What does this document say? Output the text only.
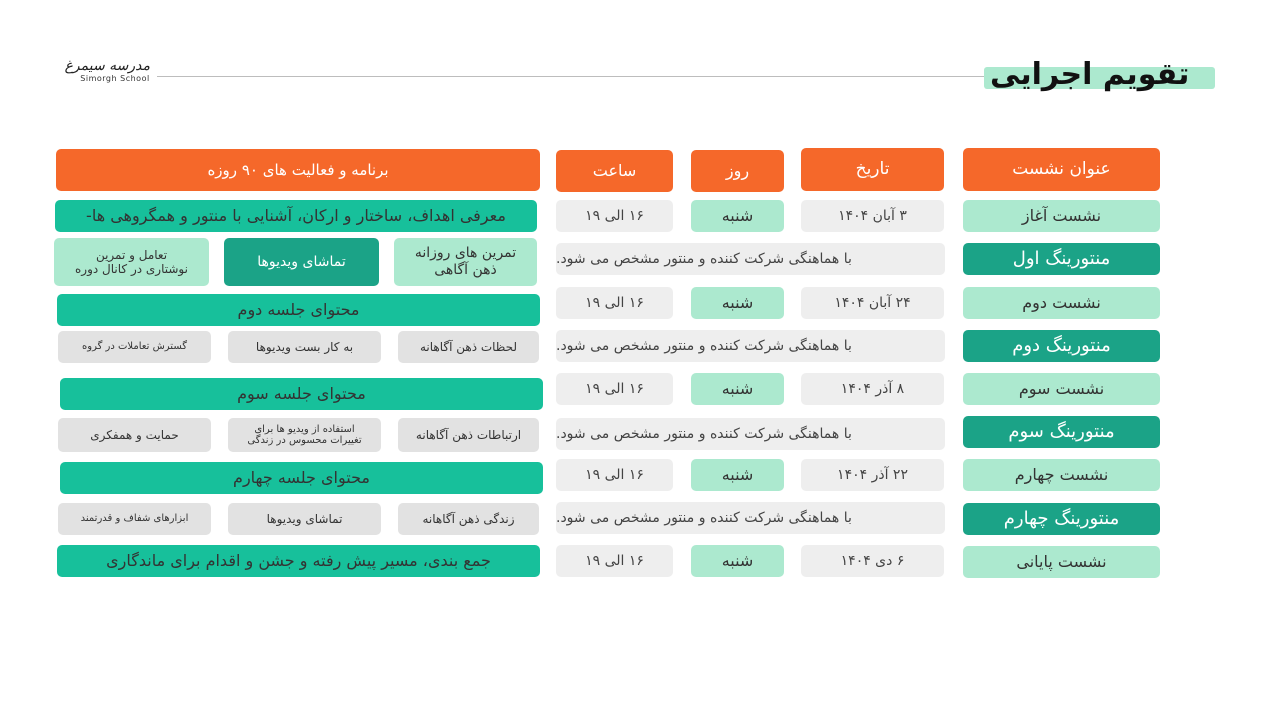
تقویم اجرایی
مدرسه سیمرغ
Simorgh School
عنوان نشست
تاریخ
روز
ساعت
برنامه و فعالیت های ۹۰ روزه
نشست آغاز
۳ آبان ۱۴۰۴
شنبه
۱۶ الی ۱۹
معرفی اهداف، ساختار و ارکان، آشنایی با منتور و همگروهی ها-
منتورینگ اول
با هماهنگی شرکت کننده و منتور مشخص می شود.
تمرین های روزانه ذهن آگاهی
تماشای ویدیوها
تعامل و تمرین نوشتاری در کانال دوره
نشست دوم
۲۴ آبان ۱۴۰۴
شنبه
۱۶ الی ۱۹
محتوای جلسه دوم
منتورینگ دوم
با هماهنگی شرکت کننده و منتور مشخص می شود.
لحظات ذهن آگاهانه
به کار بست ویدیوها
گسترش تعاملات در گروه
نشست سوم
۸ آذر ۱۴۰۴
شنبه
۱۶ الی ۱۹
محتوای جلسه سوم
منتورینگ سوم
با هماهنگی شرکت کننده و منتور مشخص می شود.
ارتباطات ذهن آگاهانه
استفاده از ویدیو ها برای تغییرات محسوس در زندگی
حمایت و همفکری
نشست چهارم
۲۲ آذر ۱۴۰۴
شنبه
۱۶ الی ۱۹
محتوای جلسه چهارم
منتورینگ چهارم
با هماهنگی شرکت کننده و منتور مشخص می شود.
زندگی ذهن آگاهانه
تماشای ویدیوها
ابزارهای شفاف و قدرتمند
نشست پایانی
۶ دی ۱۴۰۴
شنبه
۱۶ الی ۱۹
جمع بندی، مسیر پیش رفته و جشن و اقدام برای ماندگاری
